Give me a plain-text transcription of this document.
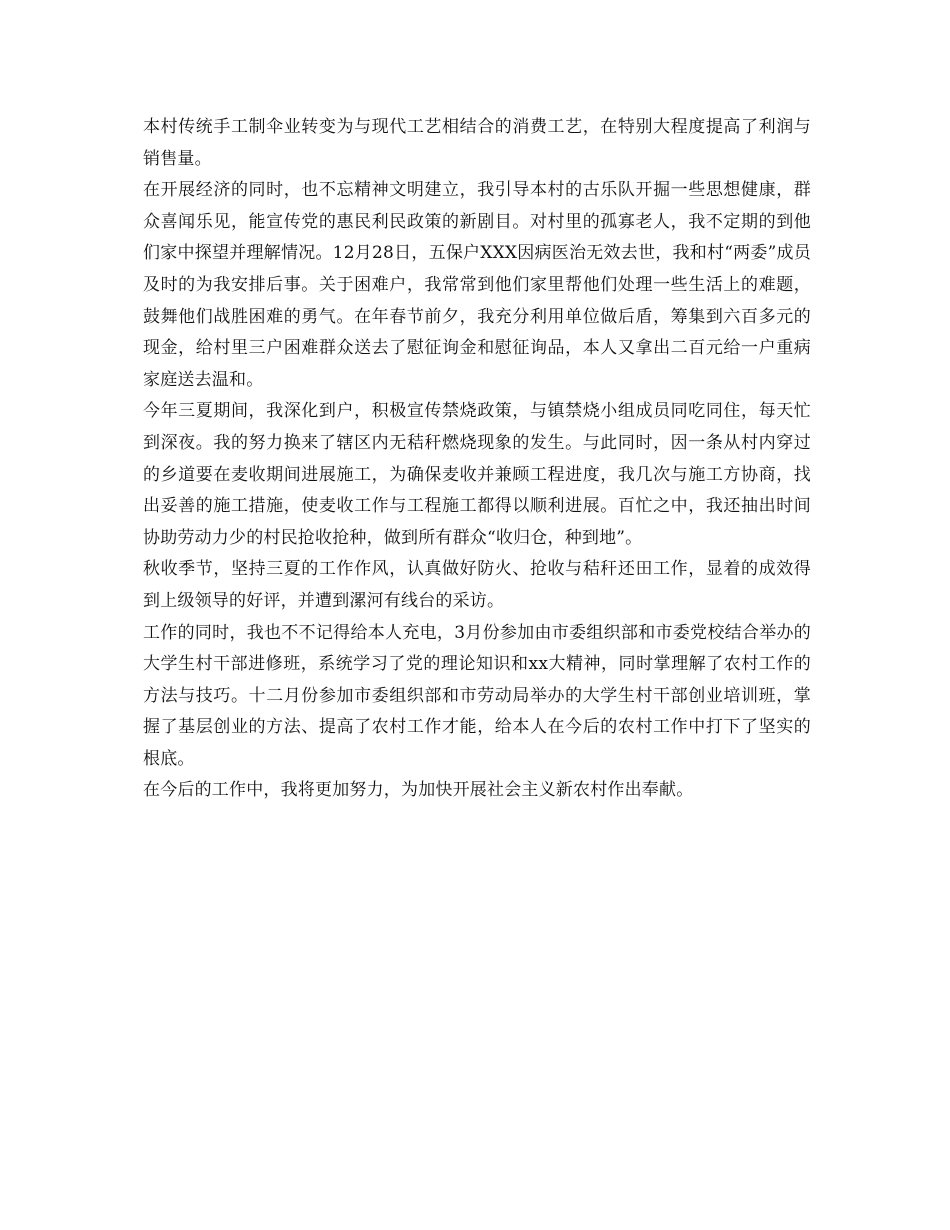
本村传统手工制伞业转变为与现代工艺相结合的消费工艺，在特别大程度提高了利润与销售量。

在开展经济的同时，也不忘精神文明建立，我引导本村的古乐队开掘一些思想健康，群众喜闻乐见，能宣传党的惠民利民政策的新剧目。对村里的孤寡老人，我不定期的到他们家中探望并理解情况。12月28日，五保户XXX因病医治无效去世，我和村“两委”成员及时的为我安排后事。关于困难户，我常常到他们家里帮他们处理一些生活上的难题，鼓舞他们战胜困难的勇气。在年春节前夕，我充分利用单位做后盾，筹集到六百多元的现金，给村里三户困难群众送去了慰征询金和慰征询品，本人又拿出二百元给一户重病家庭送去温和。

今年三夏期间，我深化到户，积极宣传禁烧政策，与镇禁烧小组成员同吃同住，每天忙到深夜。我的努力换来了辖区内无秸秆燃烧现象的发生。与此同时，因一条从村内穿过的乡道要在麦收期间进展施工，为确保麦收并兼顾工程进度，我几次与施工方协商，找出妥善的施工措施，使麦收工作与工程施工都得以顺利进展。百忙之中，我还抽出时间协助劳动力少的村民抢收抢种，做到所有群众“收归仓，种到地”。

秋收季节，坚持三夏的工作作风，认真做好防火、抢收与秸秆还田工作，显着的成效得到上级领导的好评，并遭到漯河有线台的采访。

工作的同时，我也不不记得给本人充电，3月份参加由市委组织部和市委党校结合举办的大学生村干部进修班，系统学习了党的理论知识和xx大精神，同时掌理解了农村工作的方法与技巧。十二月份参加市委组织部和市劳动局举办的大学生村干部创业培训班，掌握了基层创业的方法、提高了农村工作才能，给本人在今后的农村工作中打下了坚实的根底。

在今后的工作中，我将更加努力，为加快开展社会主义新农村作出奉献。
